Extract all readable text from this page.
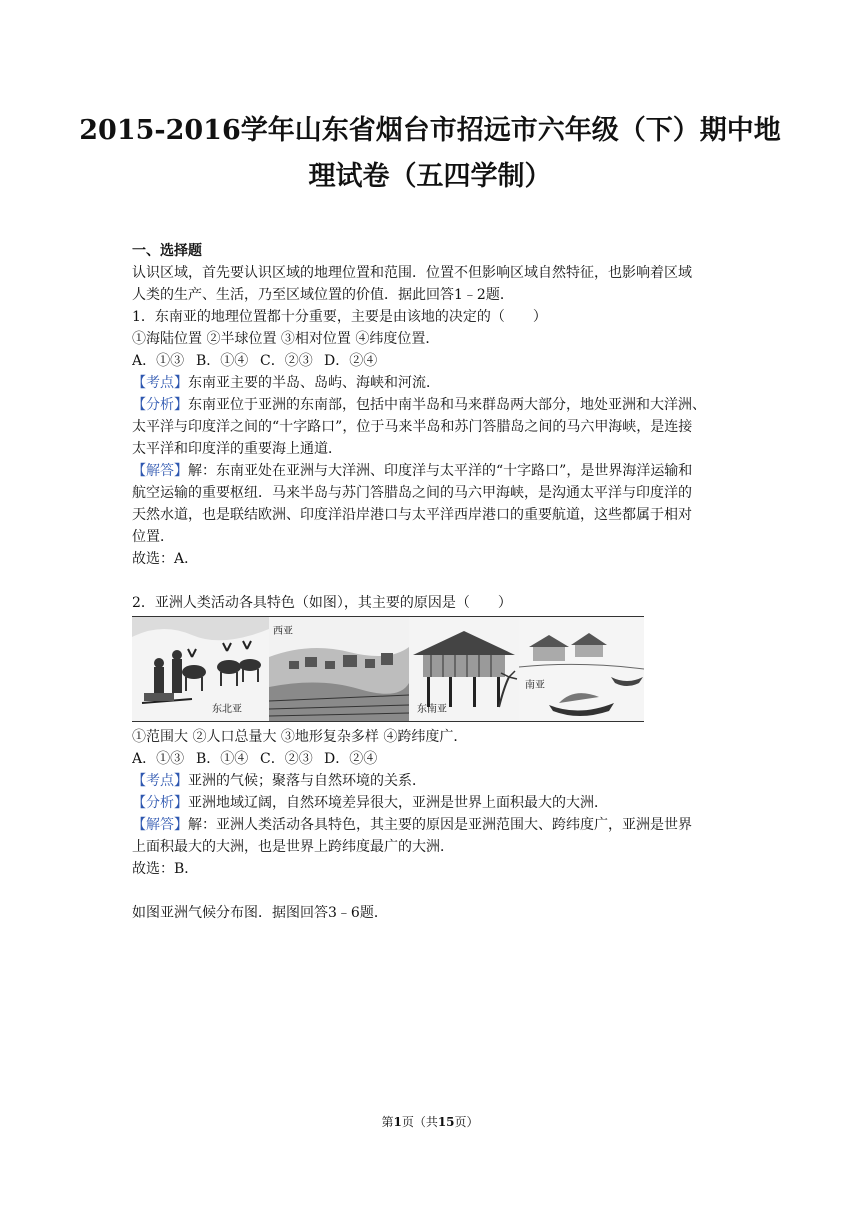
2015-2016学年山东省烟台市招远市六年级（下）期中地
理试卷（五四学制）
一、选择题
认识区域，首先要认识区域的地理位置和范围．位置不但影响区域自然特征，也影响着区域
人类的生产、生活，乃至区域位置的价值．据此回答1﹣2题．
1．东南亚的地理位置都十分重要，主要是由该地的决定的（　　）
①海陆位置 ②半球位置 ③相对位置 ④纬度位置．
A．①③ B．①④ C．②③ D．②④
【考点】东南亚主要的半岛、岛屿、海峡和河流．
【分析】东南亚位于亚洲的东南部，包括中南半岛和马来群岛两大部分，地处亚洲和大洋洲、
太平洋与印度洋之间的“十字路口”，位于马来半岛和苏门答腊岛之间的马六甲海峡，是连接
太平洋和印度洋的重要海上通道．
【解答】解：东南亚处在亚洲与大洋洲、印度洋与太平洋的“十字路口”，是世界海洋运输和
航空运输的重要枢纽．马来半岛与苏门答腊岛之间的马六甲海峡，是沟通太平洋与印度洋的
天然水道，也是联结欧洲、印度洋沿岸港口与太平洋西岸港口的重要航道，这些都属于相对
位置．
故选：A．
2．亚洲人类活动各具特色（如图），其主要的原因是（　　）
东北亚
西亚
东南亚
南亚
①范围大 ②人口总量大 ③地形复杂多样 ④跨纬度广．
A．①③ B．①④ C．②③ D．②④
【考点】亚洲的气候；聚落与自然环境的关系．
【分析】亚洲地域辽阔，自然环境差异很大，亚洲是世界上面积最大的大洲．
【解答】解：亚洲人类活动各具特色，其主要的原因是亚洲范围大、跨纬度广，亚洲是世界
上面积最大的大洲，也是世界上跨纬度最广的大洲．
故选：B．
如图亚洲气候分布图．据图回答3﹣6题．
第1页（共15页）
